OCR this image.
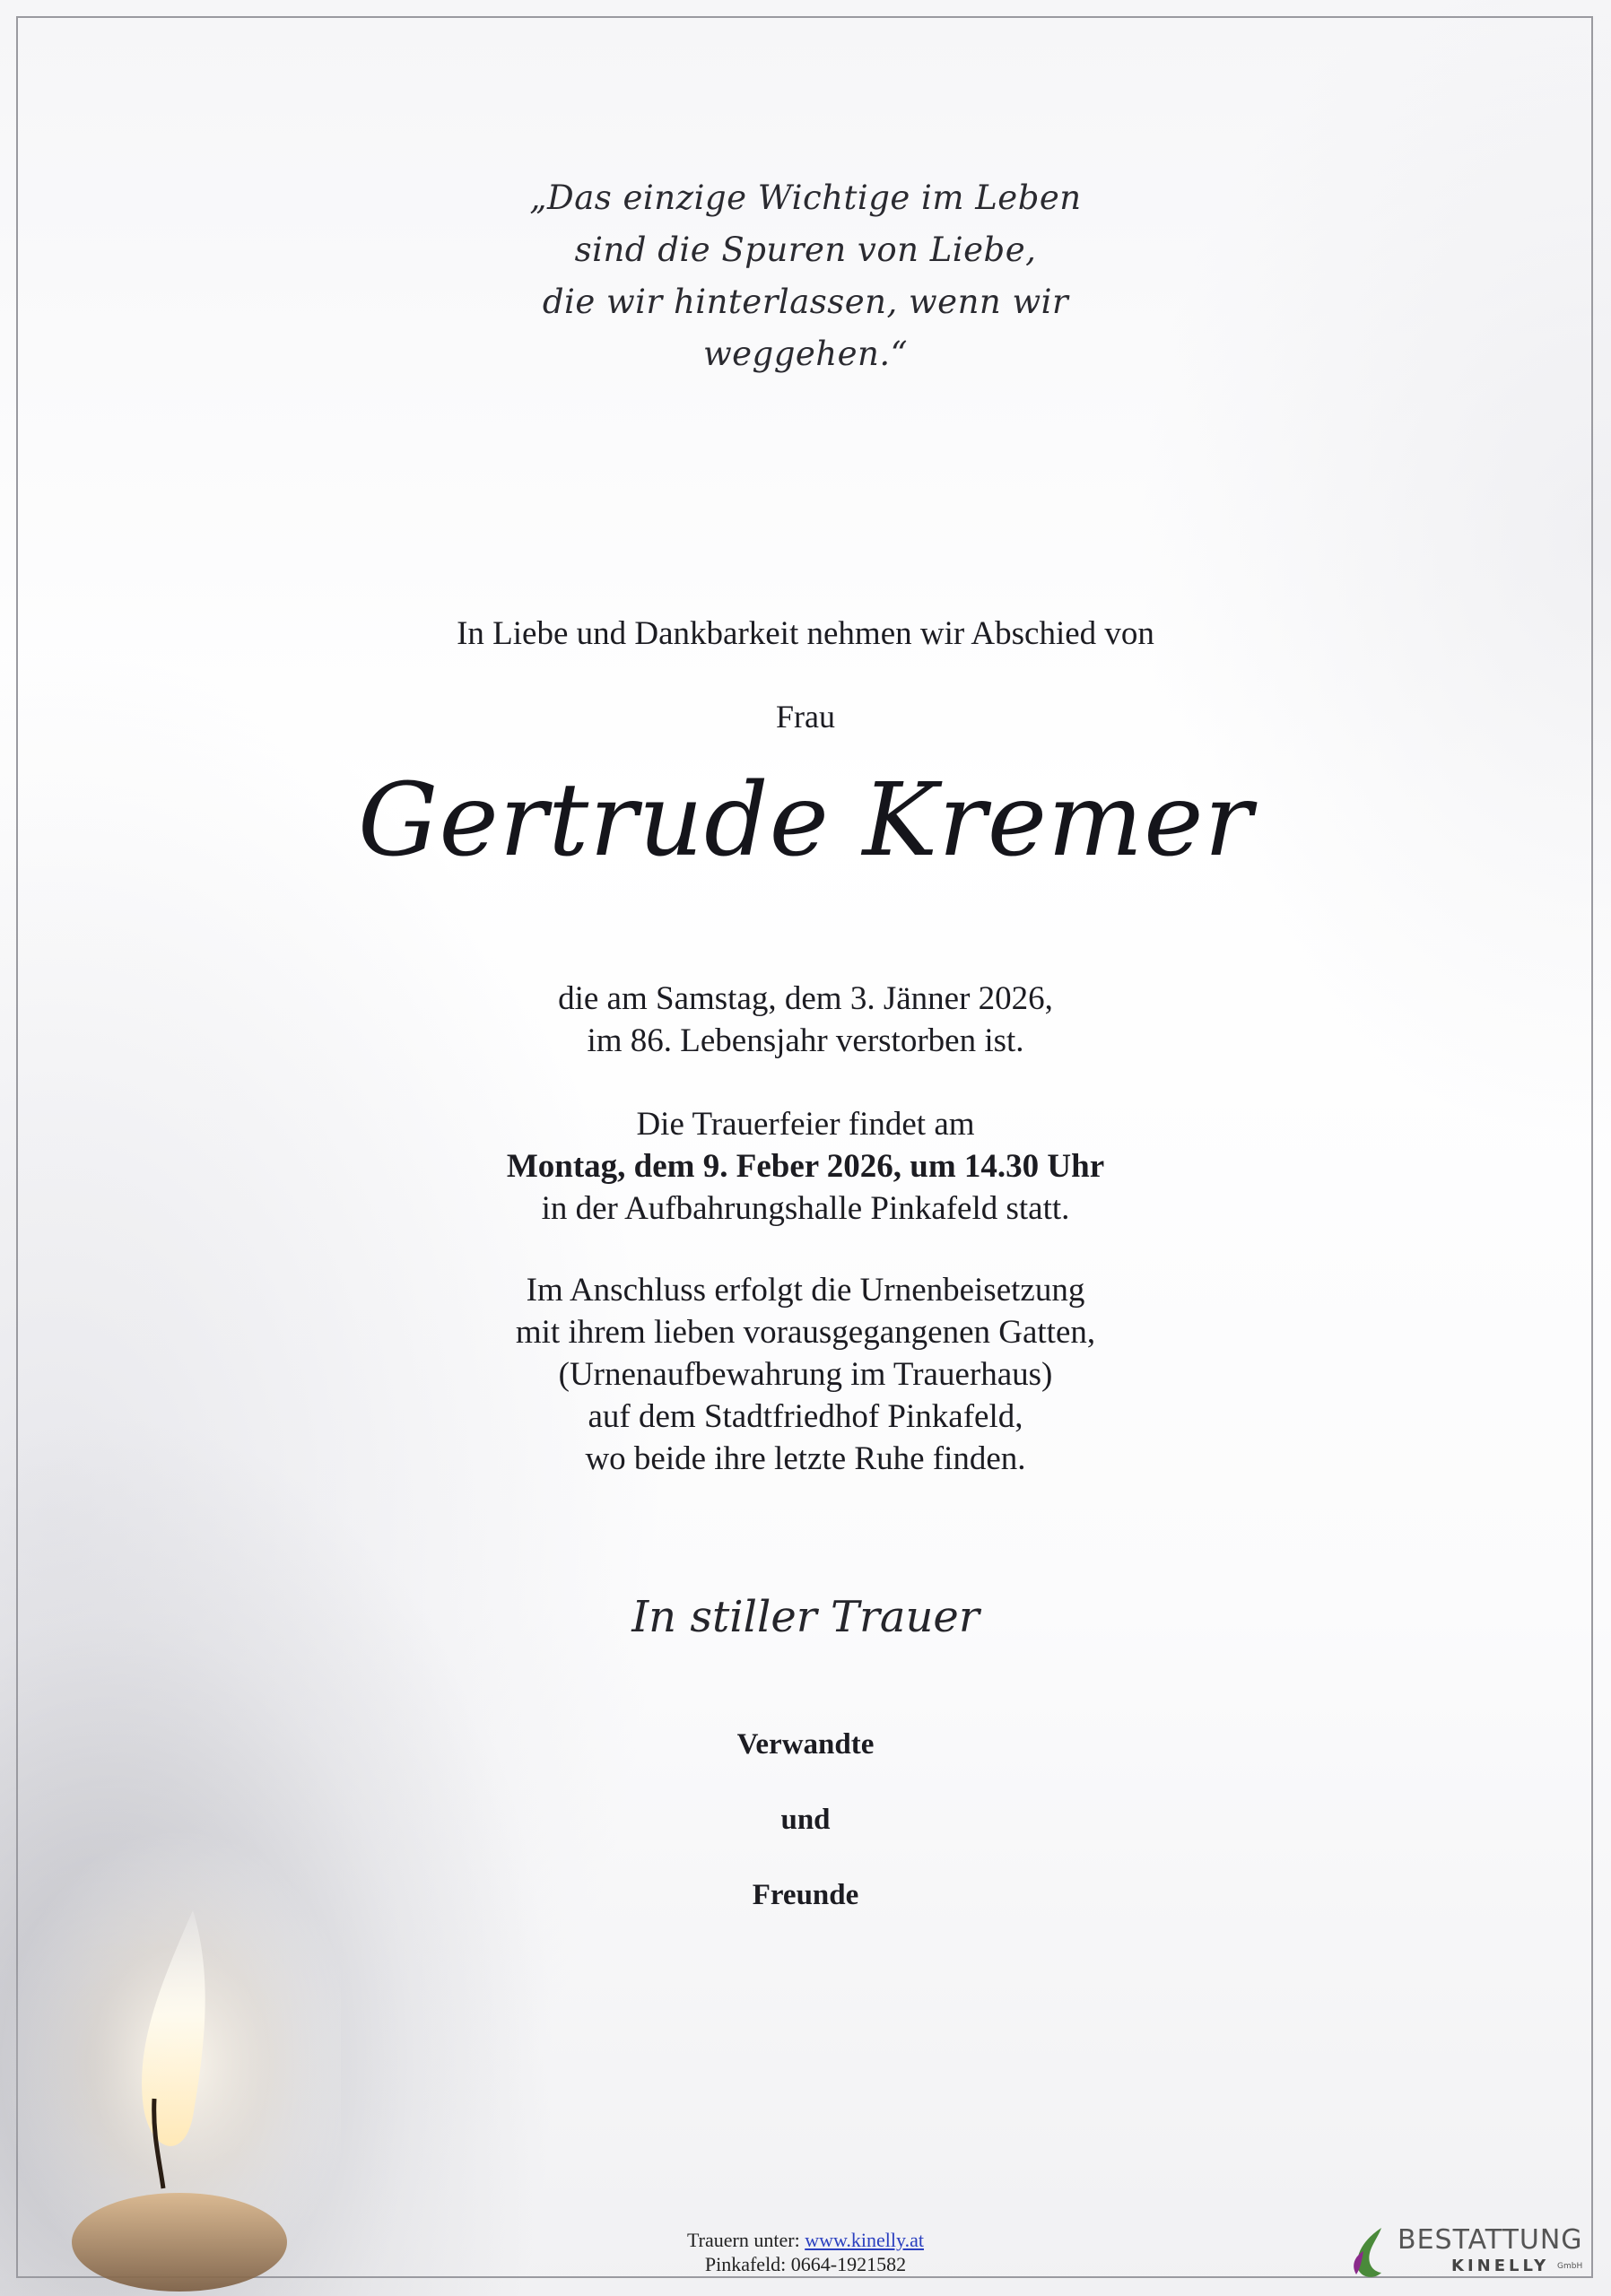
„Das einzige Wichtige im Leben
sind die Spuren von Liebe,
die wir hinterlassen, wenn wir
weggehen.“
In Liebe und Dankbarkeit nehmen wir Abschied von
Frau
Gertrude Kremer
die am Samstag, dem 3. Jänner 2026,
im 86. Lebensjahr verstorben ist.
Die Trauerfeier findet am
Montag, dem 9. Feber 2026, um 14.30 Uhr
in der Aufbahrungshalle Pinkafeld statt.
Im Anschluss erfolgt die Urnenbeisetzung
mit ihrem lieben vorausgegangenen Gatten,
(Urnenaufbewahrung im Trauerhaus)
auf dem Stadtfriedhof Pinkafeld,
wo beide ihre letzte Ruhe finden.
In stiller Trauer
Verwandte
und
Freunde
Trauern unter: www.kinelly.at
Pinkafeld: 0664-1921582
BESTATTUNG
KINELLY GmbH
